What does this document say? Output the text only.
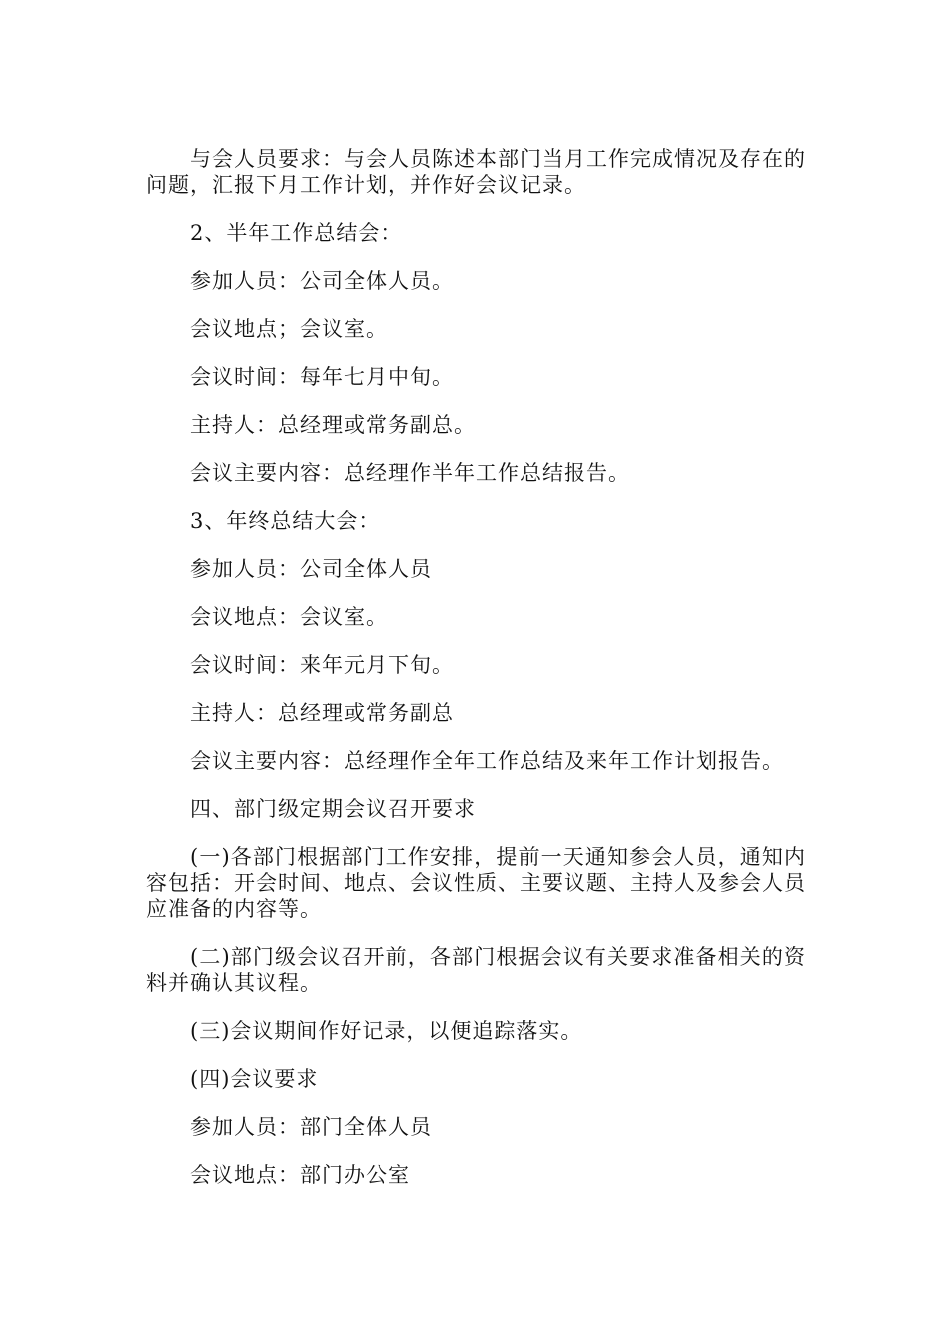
与会人员要求：与会人员陈述本部门当月工作完成情况及存在的问题，汇报下月工作计划，并作好会议记录。

2、半年工作总结会：

参加人员：公司全体人员。

会议地点；会议室。

会议时间：每年七月中旬。

主持人：总经理或常务副总。

会议主要内容：总经理作半年工作总结报告。

3、年终总结大会：

参加人员：公司全体人员

会议地点：会议室。

会议时间：来年元月下旬。

主持人：总经理或常务副总

会议主要内容：总经理作全年工作总结及来年工作计划报告。

四、部门级定期会议召开要求

(一)各部门根据部门工作安排，提前一天通知参会人员，通知内容包括：开会时间、地点、会议性质、主要议题、主持人及参会人员应准备的内容等。

(二)部门级会议召开前，各部门根据会议有关要求准备相关的资料并确认其议程。

(三)会议期间作好记录，以便追踪落实。

(四)会议要求

参加人员：部门全体人员

会议地点：部门办公室
